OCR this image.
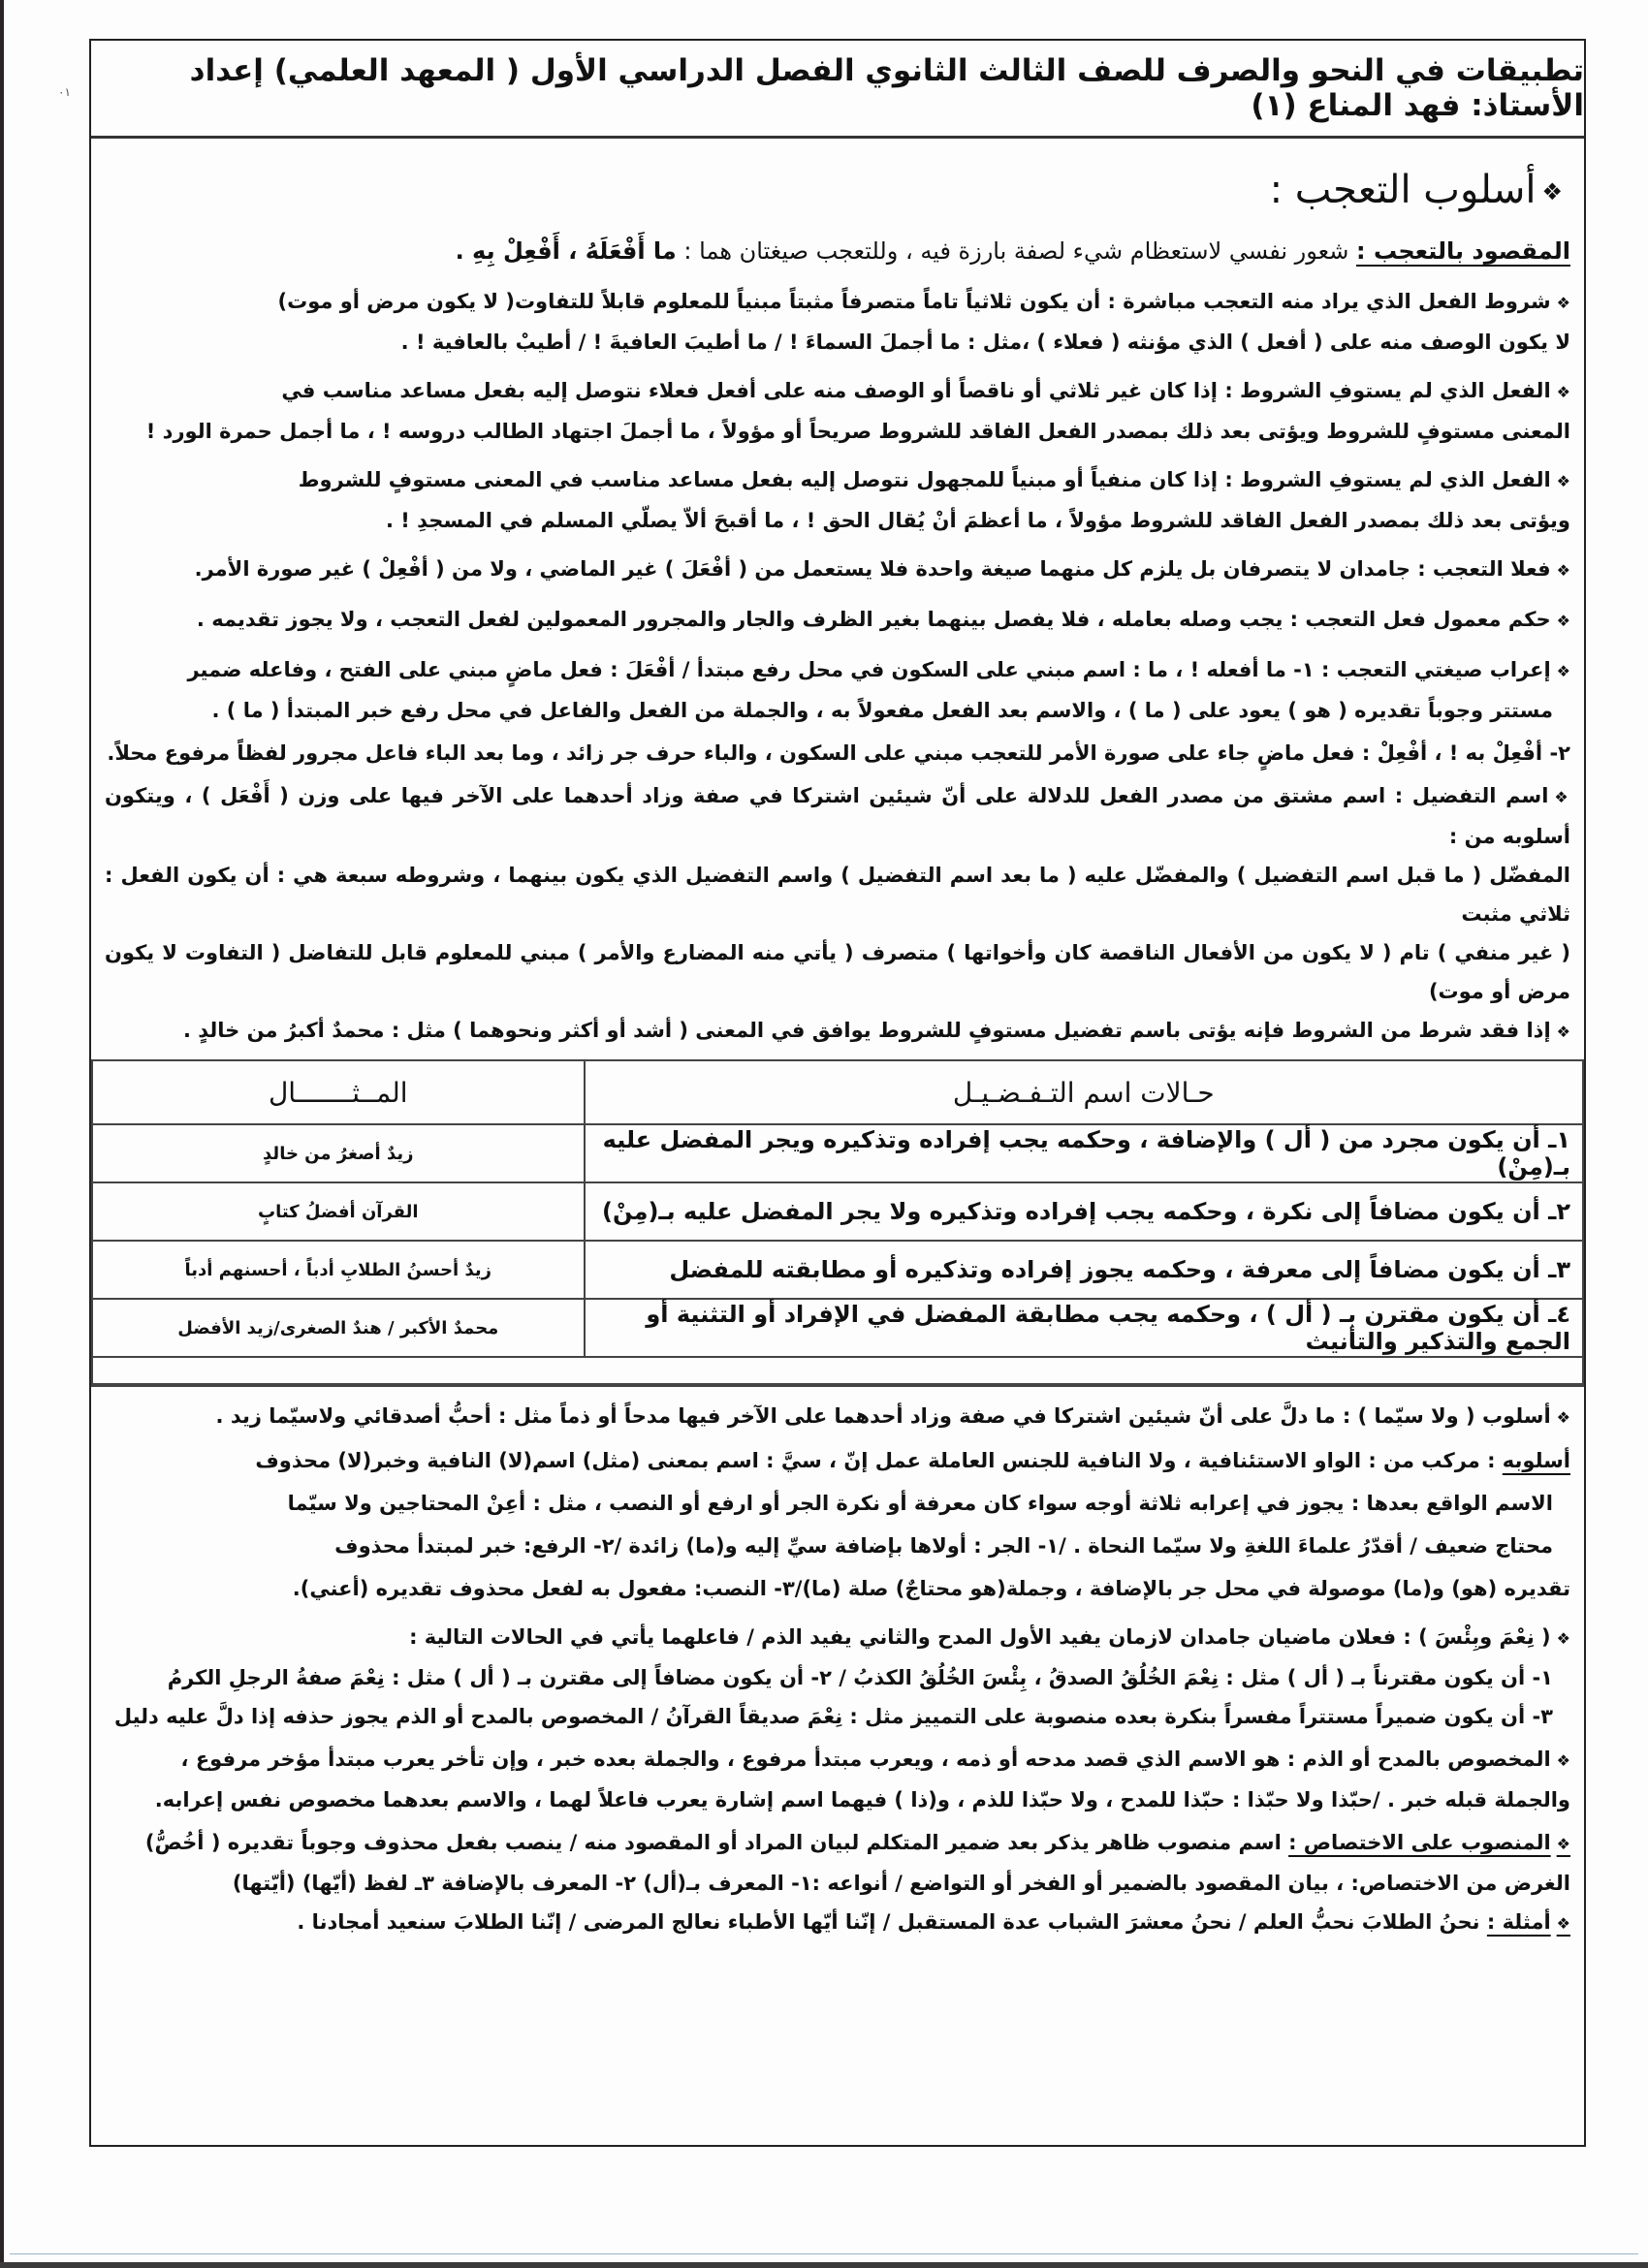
٠١
تطبيقات في النحو والصرف للصف الثالث الثانوي الفصل الدراسي الأول ( المعهد العلمي) إعداد الأستاذ: فهد المناع (١)
❖أسلوب التعجب :

المقصود بالتعجب : شعور نفسي لاستعظام شيء لصفة بارزة فيه ، وللتعجب صيغتان هما : ما أَفْعَلَهُ ، أَفْعِلْ بِهِ .

❖شروط الفعل الذي يراد منه التعجب مباشرة : أن يكون ثلاثياً تاماً متصرفاً مثبتاً مبنياً للمعلوم قابلاً للتفاوت( لا يكون مرض أو موت)

لا يكون الوصف منه على ( أفعل ) الذي مؤنثه ( فعلاء ) ،مثل : ما أجملَ السماءَ ! / ما أطيبَ العافيةَ ! / أطيبْ بالعافية ! .

❖الفعل الذي لم يستوفِ الشروط : إذا كان غير ثلاثي أو ناقصاً أو الوصف منه على أفعل فعلاء نتوصل إليه بفعل مساعد مناسب في

المعنى مستوفٍ للشروط ويؤتى بعد ذلك بمصدر الفعل الفاقد للشروط صريحاً أو مؤولاً ، ما أجملَ اجتهاد الطالب دروسه ! ، ما أجمل حمرة الورد !

❖الفعل الذي لم يستوفِ الشروط : إذا كان منفياً أو مبنياً للمجهول نتوصل إليه بفعل مساعد مناسب في المعنى مستوفٍ للشروط

ويؤتى بعد ذلك بمصدر الفعل الفاقد للشروط مؤولاً ، ما أعظمَ أنْ يُقال الحق ! ، ما أقبحَ ألاّ يصلّي المسلم في المسجدِ ! .

❖فعلا التعجب : جامدان لا يتصرفان بل يلزم كل منهما صيغة واحدة فلا يستعمل من ( أفْعَلَ ) غير الماضي ، ولا من ( أفْعِلْ ) غير صورة الأمر.

❖حكم معمول فعل التعجب : يجب وصله بعامله ، فلا يفصل بينهما بغير الظرف والجار والمجرور المعمولين لفعل التعجب ، ولا يجوز تقديمه .

❖إعراب صيغتي التعجب : ١- ما أفعله ! ، ما : اسم مبني على السكون في محل رفع مبتدأ / أفْعَلَ : فعل ماضٍ مبني على الفتح ، وفاعله ضمير

مستتر وجوباً تقديره ( هو ) يعود على ( ما ) ، والاسم بعد الفعل مفعولاً به ، والجملة من الفعل والفاعل في محل رفع خبر المبتدأ ( ما ) .

٢- أفْعِلْ به ! ، أفْعِلْ : فعل ماضٍ جاء على صورة الأمر للتعجب مبني على السكون ، والباء حرف جر زائد ، وما بعد الباء فاعل مجرور لفظاً مرفوع محلاً.

❖اسم التفضيل : اسم مشتق من مصدر الفعل للدلالة على أنّ شيئين اشتركا في صفة وزاد أحدهما على الآخر فيها على وزن ( أَفْعَل ) ، ويتكون أسلوبه من :

المفضّل ( ما قبل اسم التفضيل ) والمفضّل عليه ( ما بعد اسم التفضيل ) واسم التفضيل الذي يكون بينهما ، وشروطه سبعة هي : أن يكون الفعل : ثلاثي مثبت

( غير منفي ) تام ( لا يكون من الأفعال الناقصة كان وأخواتها ) متصرف ( يأتي منه المضارع والأمر ) مبني للمعلوم قابل للتفاضل ( التفاوت لا يكون مرض أو موت)

❖إذا فقد شرط من الشروط فإنه يؤتى باسم تفضيل مستوفٍ للشروط يوافق في المعنى ( أشد أو أكثر ونحوهما ) مثل : محمدٌ أكبرُ من خالدٍ .

حـالات اسم التـفـضـيـل	المــثـــــــال
١ـ أن يكون مجرد من ( أل ) والإضافة ، وحكمه يجب إفراده وتذكيره ويجر المفضل عليه بـ(مِنْ)	زيدٌ أصغرُ من خالدٍ
٢ـ أن يكون مضافاً إلى نكرة ، وحكمه يجب إفراده وتذكيره ولا يجر المفضل عليه بـ(مِنْ)	القرآن أفضلُ كتابٍ
٣ـ أن يكون مضافاً إلى معرفة ، وحكمه يجوز إفراده وتذكيره أو مطابقته للمفضل	زيدٌ أحسنُ الطلابِ أدباً ، أحسنهم أدباً
٤ـ أن يكون مقترن بـ ( أل ) ، وحكمه يجب مطابقة المفضل في الإفراد أو التثنية أو الجمع والتذكير والتأنيث	محمدٌ الأكبر / هندٌ الصغرى/زيد الأفضل

❖أسلوب ( ولا سيّما ) : ما دلَّ على أنّ شيئين اشتركا في صفة وزاد أحدهما على الآخر فيها مدحاً أو ذماً مثل : أحبُّ أصدقائي ولاسيّما زيد .

أسلوبه : مركب من : الواو الاستئنافية ، ولا النافية للجنس العاملة عمل إنّ ، سيَّ : اسم بمعنى (مثل) اسم(لا) النافية وخبر(لا) محذوف

الاسم الواقع بعدها : يجوز في إعرابه ثلاثة أوجه سواء كان معرفة أو نكرة الجر أو ارفع أو النصب ، مثل : أعِنْ المحتاجين ولا سيّما

محتاج ضعيف / أقدّرُ علماءَ اللغةِ ولا سيّما النحاة . /١- الجر : أولاها بإضافة سيِّ إليه و(ما) زائدة /٢- الرفع: خبر لمبتدأ محذوف

تقديره (هو) و(ما) موصولة في محل جر بالإضافة ، وجملة(هو محتاجٌ) صلة (ما)/٣- النصب: مفعول به لفعل محذوف تقديره (أعني).

❖( نِعْمَ وبِئْسَ ) : فعلان ماضيان جامدان لازمان يفيد الأول المدح والثاني يفيد الذم / فاعلهما يأتي في الحالات التالية :

١- أن يكون مقترناً بـ ( أل ) مثل : نِعْمَ الخُلُقُ الصدقُ ، بِئْسَ الخُلُقُ الكذبُ / ٢- أن يكون مضافاً إلى مقترن بـ ( أل ) مثل : نِعْمَ صفةُ الرجلِ الكرمُ

٣- أن يكون ضميراً مستتراً مفسراً بنكرة بعده منصوبة على التمييز مثل : نِعْمَ صديقاً القرآنُ / المخصوص بالمدح أو الذم يجوز حذفه إذا دلَّ عليه دليل

❖المخصوص بالمدح أو الذم : هو الاسم الذي قصد مدحه أو ذمه ، ويعرب مبتدأ مرفوع ، والجملة بعده خبر ، وإن تأخر يعرب مبتدأ مؤخر مرفوع ،

والجملة قبله خبر . /حبّذا ولا حبّذا : حبّذا للمدح ، ولا حبّذا للذم ، و(ذا ) فيهما اسم إشارة يعرب فاعلاً لهما ، والاسم بعدهما مخصوص نفس إعرابه.

❖المنصوب على الاختصاص : اسم منصوب ظاهر يذكر بعد ضمير المتكلم لبيان المراد أو المقصود منه / ينصب بفعل محذوف وجوباً تقديره ( أخُصُّ)

الغرض من الاختصاص: ، بيان المقصود بالضمير أو الفخر أو التواضع / أنواعه :١- المعرف بـ(أل) ٢- المعرف بالإضافة ٣ـ لفظ (أيّها) (أيّتها)

❖أمثلة : نحنُ الطلابَ نحبُّ العلم / نحنُ معشرَ الشباب عدة المستقبل / إنّنا أيّها الأطباء نعالج المرضى / إنّنا الطلابَ سنعيد أمجادنا .
